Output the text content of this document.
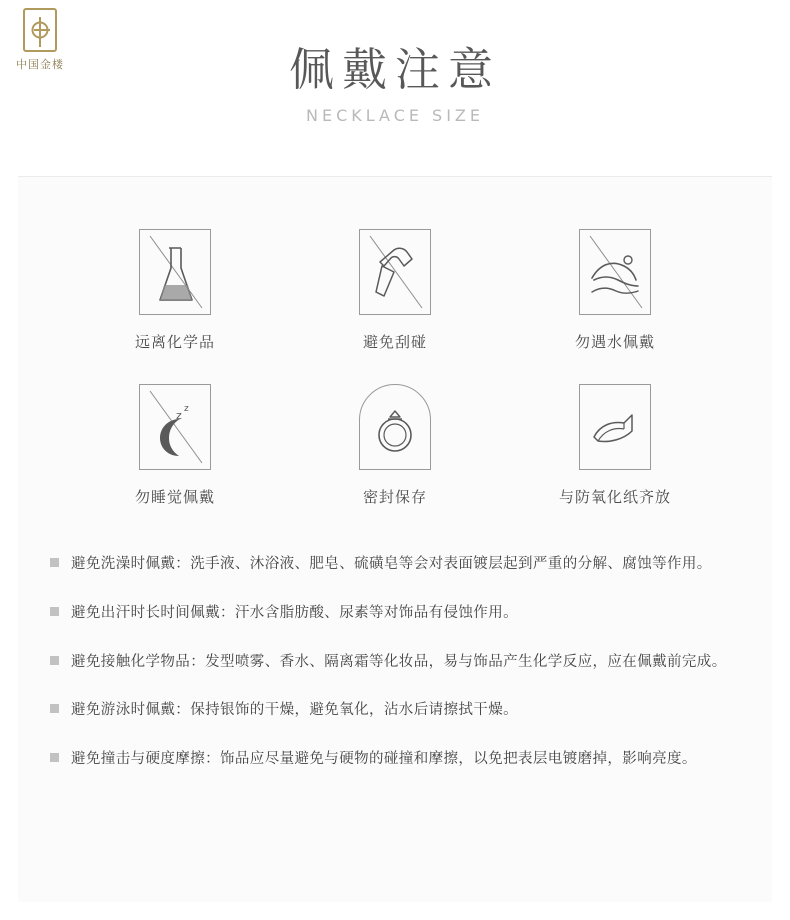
中国金楼	佩戴注意
NECKLACE SIZE
远离化学品	避免刮碰	勿遇水佩戴
z z
勿睡觉佩戴	密封保存	与防氧化纸齐放
避免洗澡时佩戴：洗手液、沐浴液、肥皂、硫磺皂等会对表面镀层起到严重的分解、腐蚀等作用。
避免出汗时长时间佩戴：汗水含脂肪酸、尿素等对饰品有侵蚀作用。
避免接触化学物品：发型喷雾、香水、隔离霜等化妆品，易与饰品产生化学反应，应在佩戴前完成。
避免游泳时佩戴：保持银饰的干燥，避免氧化，沾水后请擦拭干燥。
避免撞击与硬度摩擦：饰品应尽量避免与硬物的碰撞和摩擦，以免把表层电镀磨掉，影响亮度。
